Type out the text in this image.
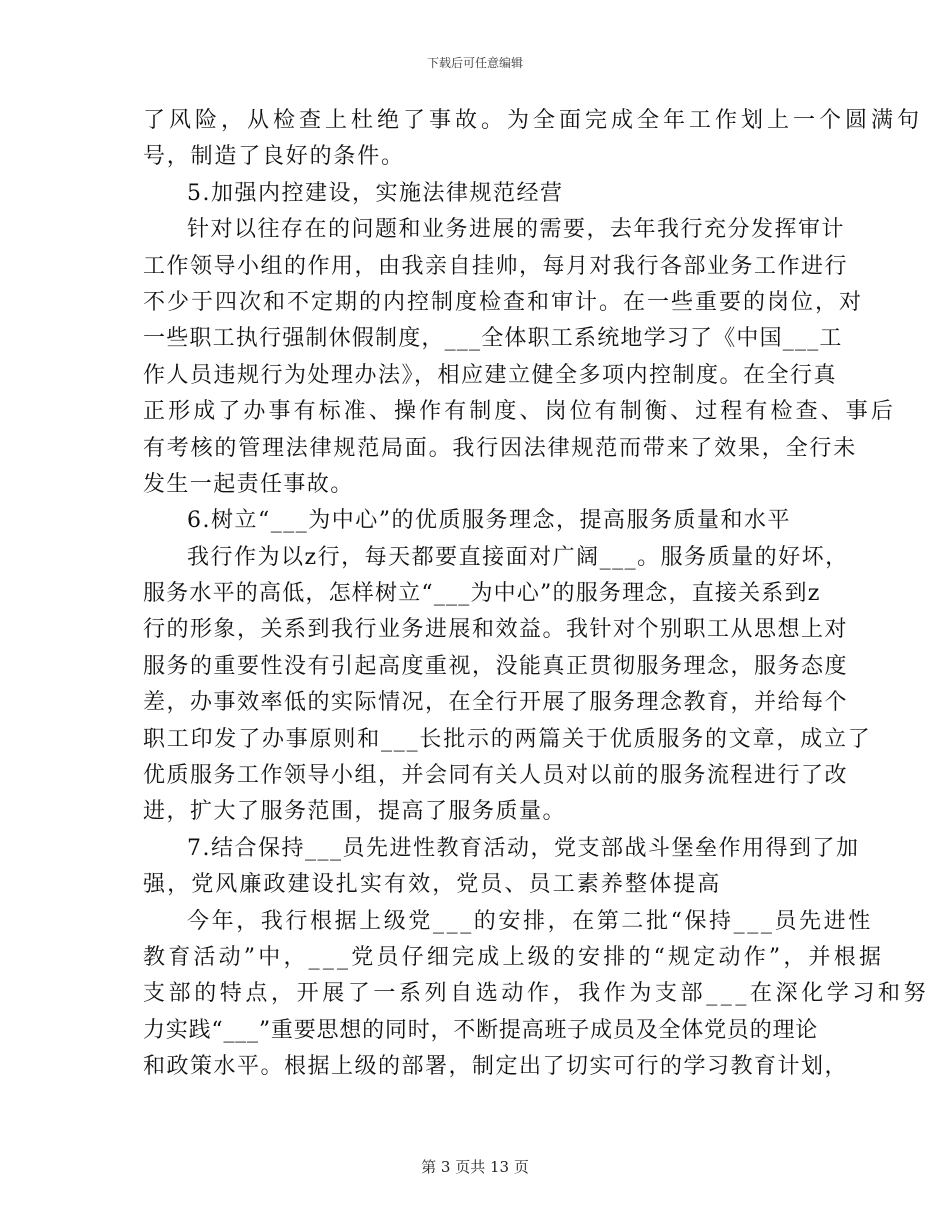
下载后可任意编辑
了风险，从检查上杜绝了事故。为全面完成全年工作划上一个圆满句
号，制造了良好的条件。
5.加强内控建设，实施法律规范经营
针对以往存在的问题和业务进展的需要，去年我行充分发挥审计
工作领导小组的作用，由我亲自挂帅，每月对我行各部业务工作进行
不少于四次和不定期的内控制度检查和审计。在一些重要的岗位，对
一些职工执行强制休假制度，___全体职工系统地学习了《中国___工
作人员违规行为处理办法》，相应建立健全多项内控制度。在全行真
正形成了办事有标准、操作有制度、岗位有制衡、过程有检查、事后
有考核的管理法律规范局面。我行因法律规范而带来了效果，全行未
发生一起责任事故。
6.树立“___为中心”的优质服务理念，提高服务质量和水平
我行作为以z行，每天都要直接面对广阔___。服务质量的好坏，
服务水平的高低，怎样树立“___为中心”的服务理念，直接关系到z
行的形象，关系到我行业务进展和效益。我针对个别职工从思想上对
服务的重要性没有引起高度重视，没能真正贯彻服务理念，服务态度
差，办事效率低的实际情况，在全行开展了服务理念教育，并给每个
职工印发了办事原则和___长批示的两篇关于优质服务的文章，成立了
优质服务工作领导小组，并会同有关人员对以前的服务流程进行了改
进，扩大了服务范围，提高了服务质量。
7.结合保持___员先进性教育活动，党支部战斗堡垒作用得到了加
强，党风廉政建设扎实有效，党员、员工素养整体提高
今年，我行根据上级党___的安排，在第二批“保持___员先进性
教育活动”中，___党员仔细完成上级的安排的“规定动作”，并根据
支部的特点，开展了一系列自选动作，我作为支部___在深化学习和努
力实践“___”重要思想的同时，不断提高班子成员及全体党员的理论
和政策水平。根据上级的部署，制定出了切实可行的学习教育计划，
第 3 页共 13 页
